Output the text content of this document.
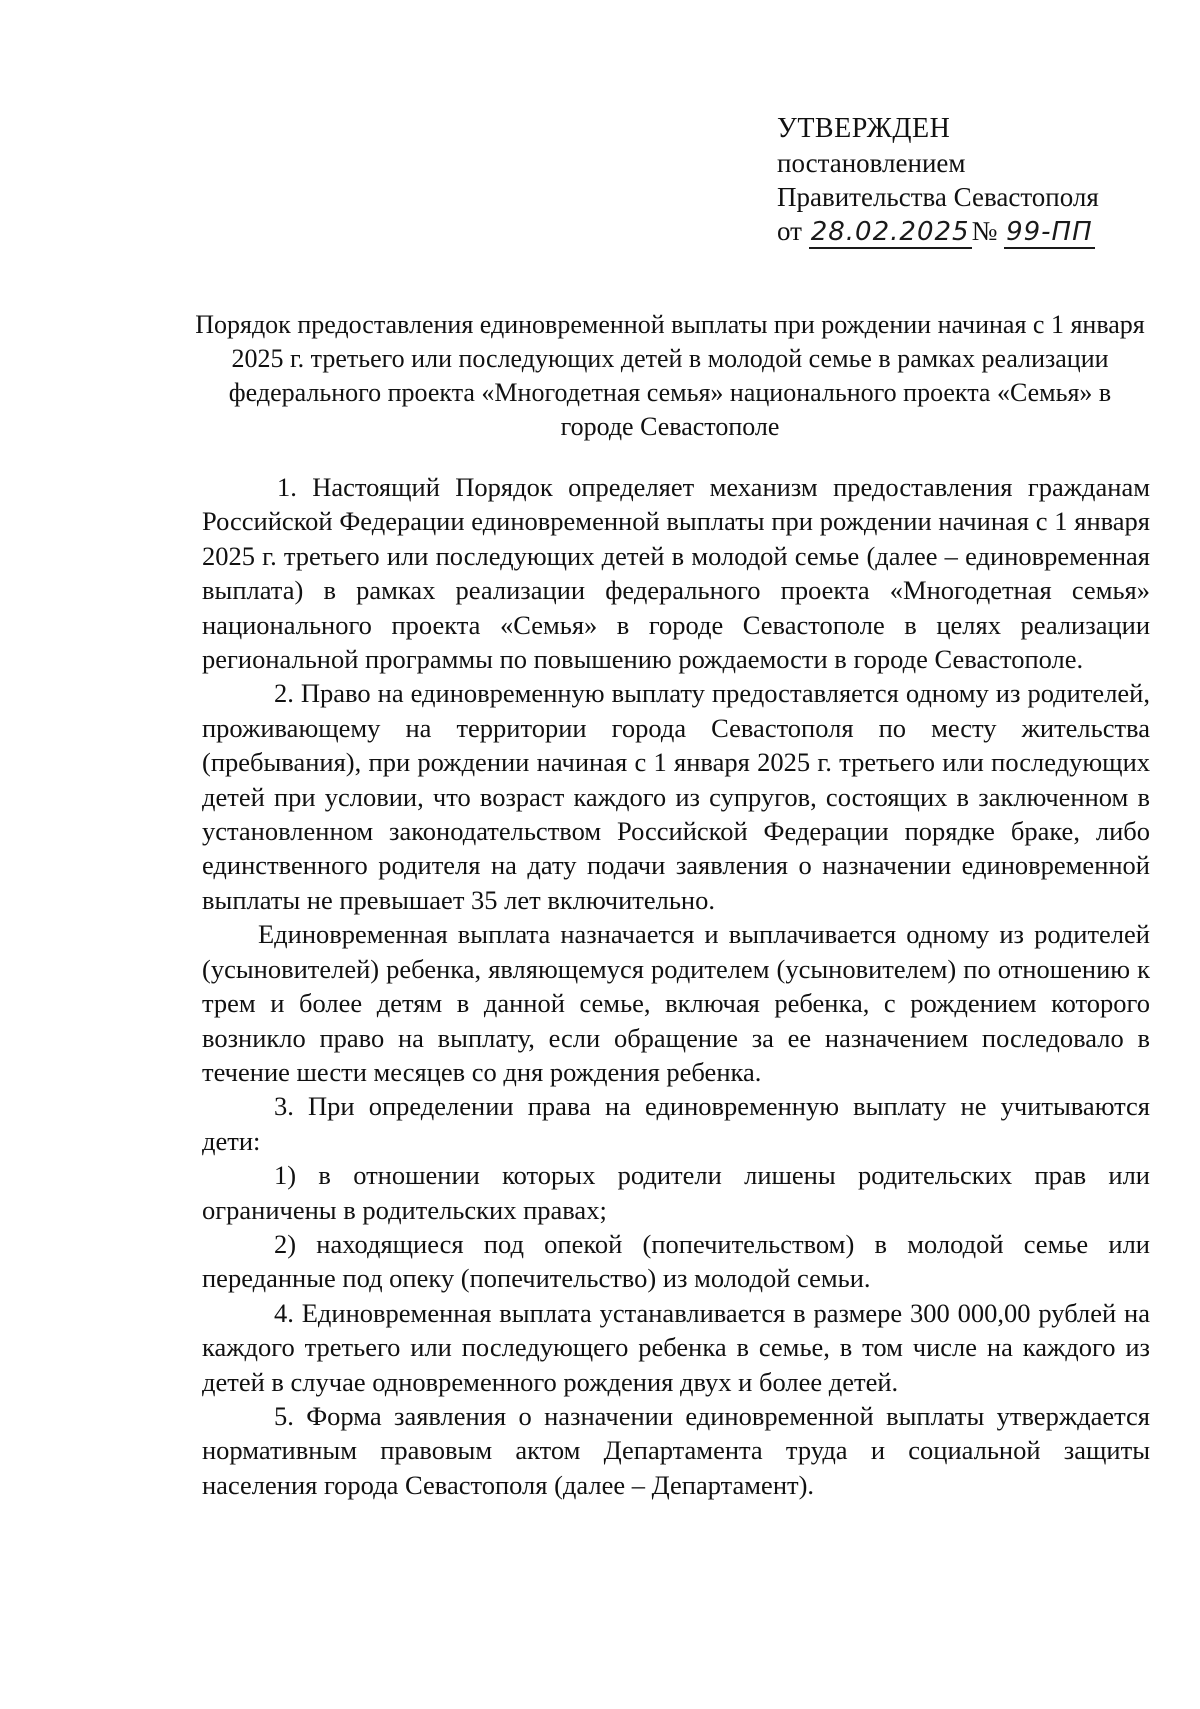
УТВЕРЖДЕН
постановлением
Правительства Севастополя
от 28.02.2025№ 99-ПП
Порядок предоставления единовременной выплаты при рождении начиная с 1 января 2025 г. третьего или последующих детей в молодой семье в рамках реализации федерального проекта «Многодетная семья» национального проекта «Семья» в городе Севастополе

1. Настоящий Порядок определяет механизм предоставления гражданам Российской Федерации единовременной выплаты при рождении начиная с 1 января 2025 г. третьего или последующих детей в молодой семье (далее – единовременная выплата) в рамках реализации федерального проекта «Многодетная семья» национального проекта «Семья» в городе Севастополе в целях реализации региональной программы по повышению рождаемости в городе Севастополе.

2. Право на единовременную выплату предоставляется одному из родителей, проживающему на территории города Севастополя по месту жительства (пребывания), при рождении начиная с 1 января 2025 г. третьего или последующих детей при условии, что возраст каждого из супругов, состоящих в заключенном в установленном законодательством Российской Федерации порядке браке, либо единственного родителя на дату подачи заявления о назначении единовременной выплаты не превышает 35 лет включительно.

Единовременная выплата назначается и выплачивается одному из родителей (усыновителей) ребенка, являющемуся родителем (усыновителем) по отношению к трем и более детям в данной семье, включая ребенка, с рождением которого возникло право на выплату, если обращение за ее назначением последовало в течение шести месяцев со дня рождения ребенка.

3. При определении права на единовременную выплату не учитываются дети:

1) в отношении которых родители лишены родительских прав или ограничены в родительских правах;

2) находящиеся под опекой (попечительством) в молодой семье или переданные под опеку (попечительство) из молодой семьи.

4. Единовременная выплата устанавливается в размере 300 000,00 рублей на каждого третьего или последующего ребенка в семье, в том числе на каждого из детей в случае одновременного рождения двух и более детей.

5. Форма заявления о назначении единовременной выплаты утверждается нормативным правовым актом Департамента труда и социальной защиты населения города Севастополя (далее – Департамент).
